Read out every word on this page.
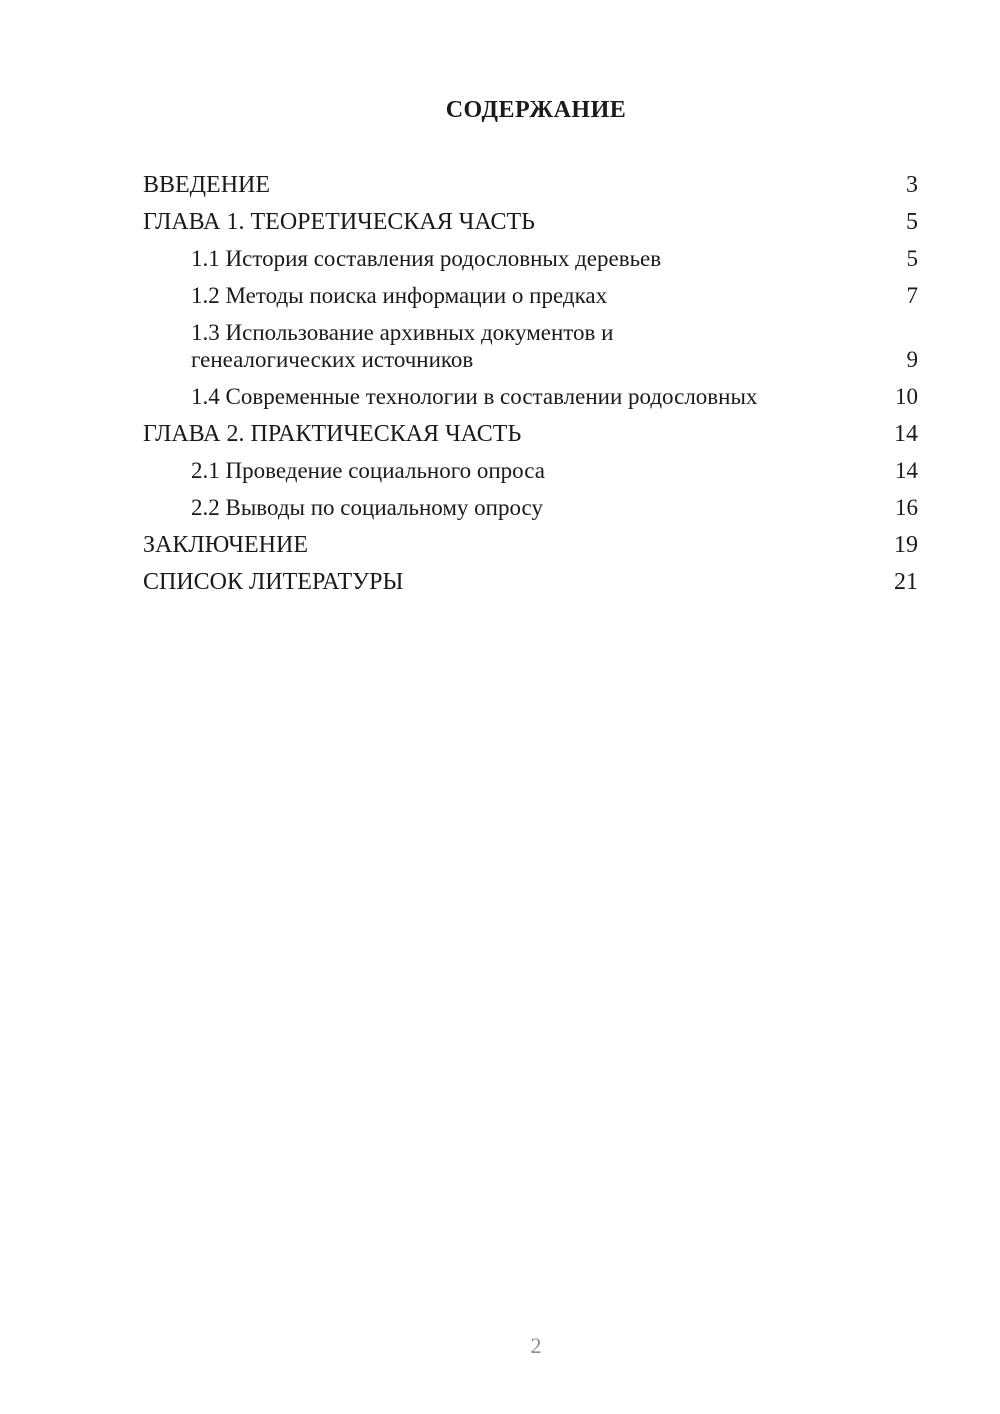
СОДЕРЖАНИЕ
ВВЕДЕНИЕ	3
ГЛАВА 1. ТЕОРЕТИЧЕСКАЯ ЧАСТЬ	5
1.1 История составления родословных деревьев	5
1.2 Методы поиска информации о предках	7
1.3 Использование архивных документов и генеалогических источников	9
1.4 Современные технологии в составлении родословных	10
ГЛАВА 2. ПРАКТИЧЕСКАЯ ЧАСТЬ	14
2.1 Проведение социального опроса	14
2.2 Выводы по социальному опросу	16
ЗАКЛЮЧЕНИЕ	19
СПИСОК ЛИТЕРАТУРЫ	21
2
